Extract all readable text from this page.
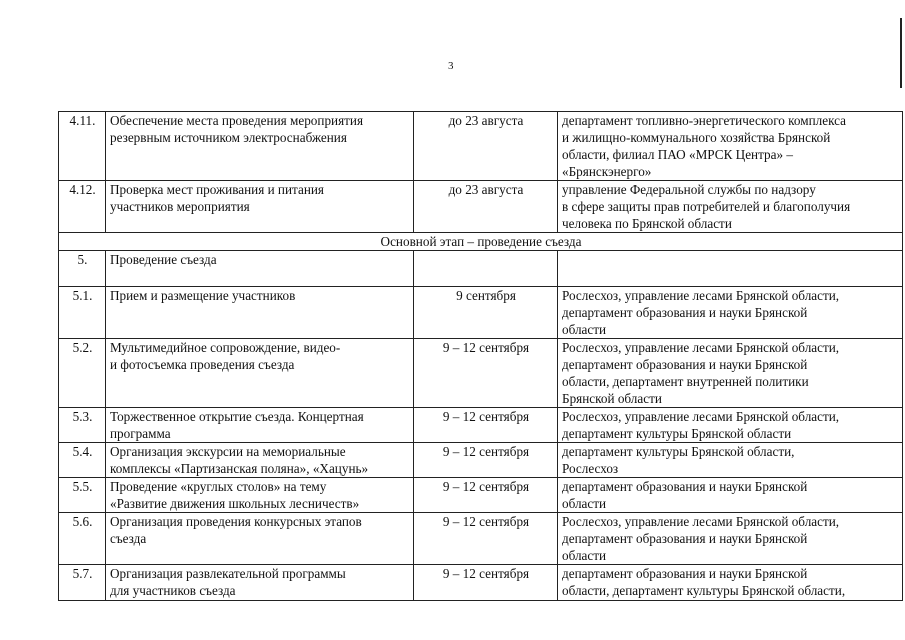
3
4.11.	Обеспечение места проведения мероприятия
резервным источником электроснабжения	до 23 августа	департамент топливно-энергетического комплекса
и жилищно-коммунального хозяйства Брянской
области, филиал ПАО «МРСК Центра» –
«Брянскэнерго»

4.12.	Проверка мест проживания и питания
участников мероприятия	до 23 августа	управление Федеральной службы по надзору
в сфере защиты прав потребителей и благополучия
человека по Брянской области

Основной этап – проведение съезда			

5.	Проведение съезда		

5.1.	Прием и размещение участников	9 сентября	Рослесхоз, управление лесами Брянской области,
департамент образования и науки Брянской
области

5.2.	Мультимедийное сопровождение, видео-
и фотосъемка проведения съезда	9 – 12 сентября	Рослесхоз, управление лесами Брянской области,
департамент образования и науки Брянской
области, департамент внутренней политики
Брянской области

5.3.	Торжественное открытие съезда. Концертная
программа	9 – 12 сентября	Рослесхоз, управление лесами Брянской области,
департамент культуры Брянской области

5.4.	Организация экскурсии на мемориальные
комплексы «Партизанская поляна», «Хацунь»	9 – 12 сентября	департамент культуры Брянской области,
Рослесхоз

5.5.	Проведение «круглых столов» на тему
«Развитие движения школьных лесничеств»	9 – 12 сентября	департамент образования и науки Брянской
области

5.6.	Организация проведения конкурсных этапов
съезда	9 – 12 сентября	Рослесхоз, управление лесами Брянской области,
департамент образования и науки Брянской
области

5.7.	Организация развлекательной программы
для участников съезда	9 – 12 сентября	департамент образования и науки Брянской
области, департамент культуры Брянской области,
